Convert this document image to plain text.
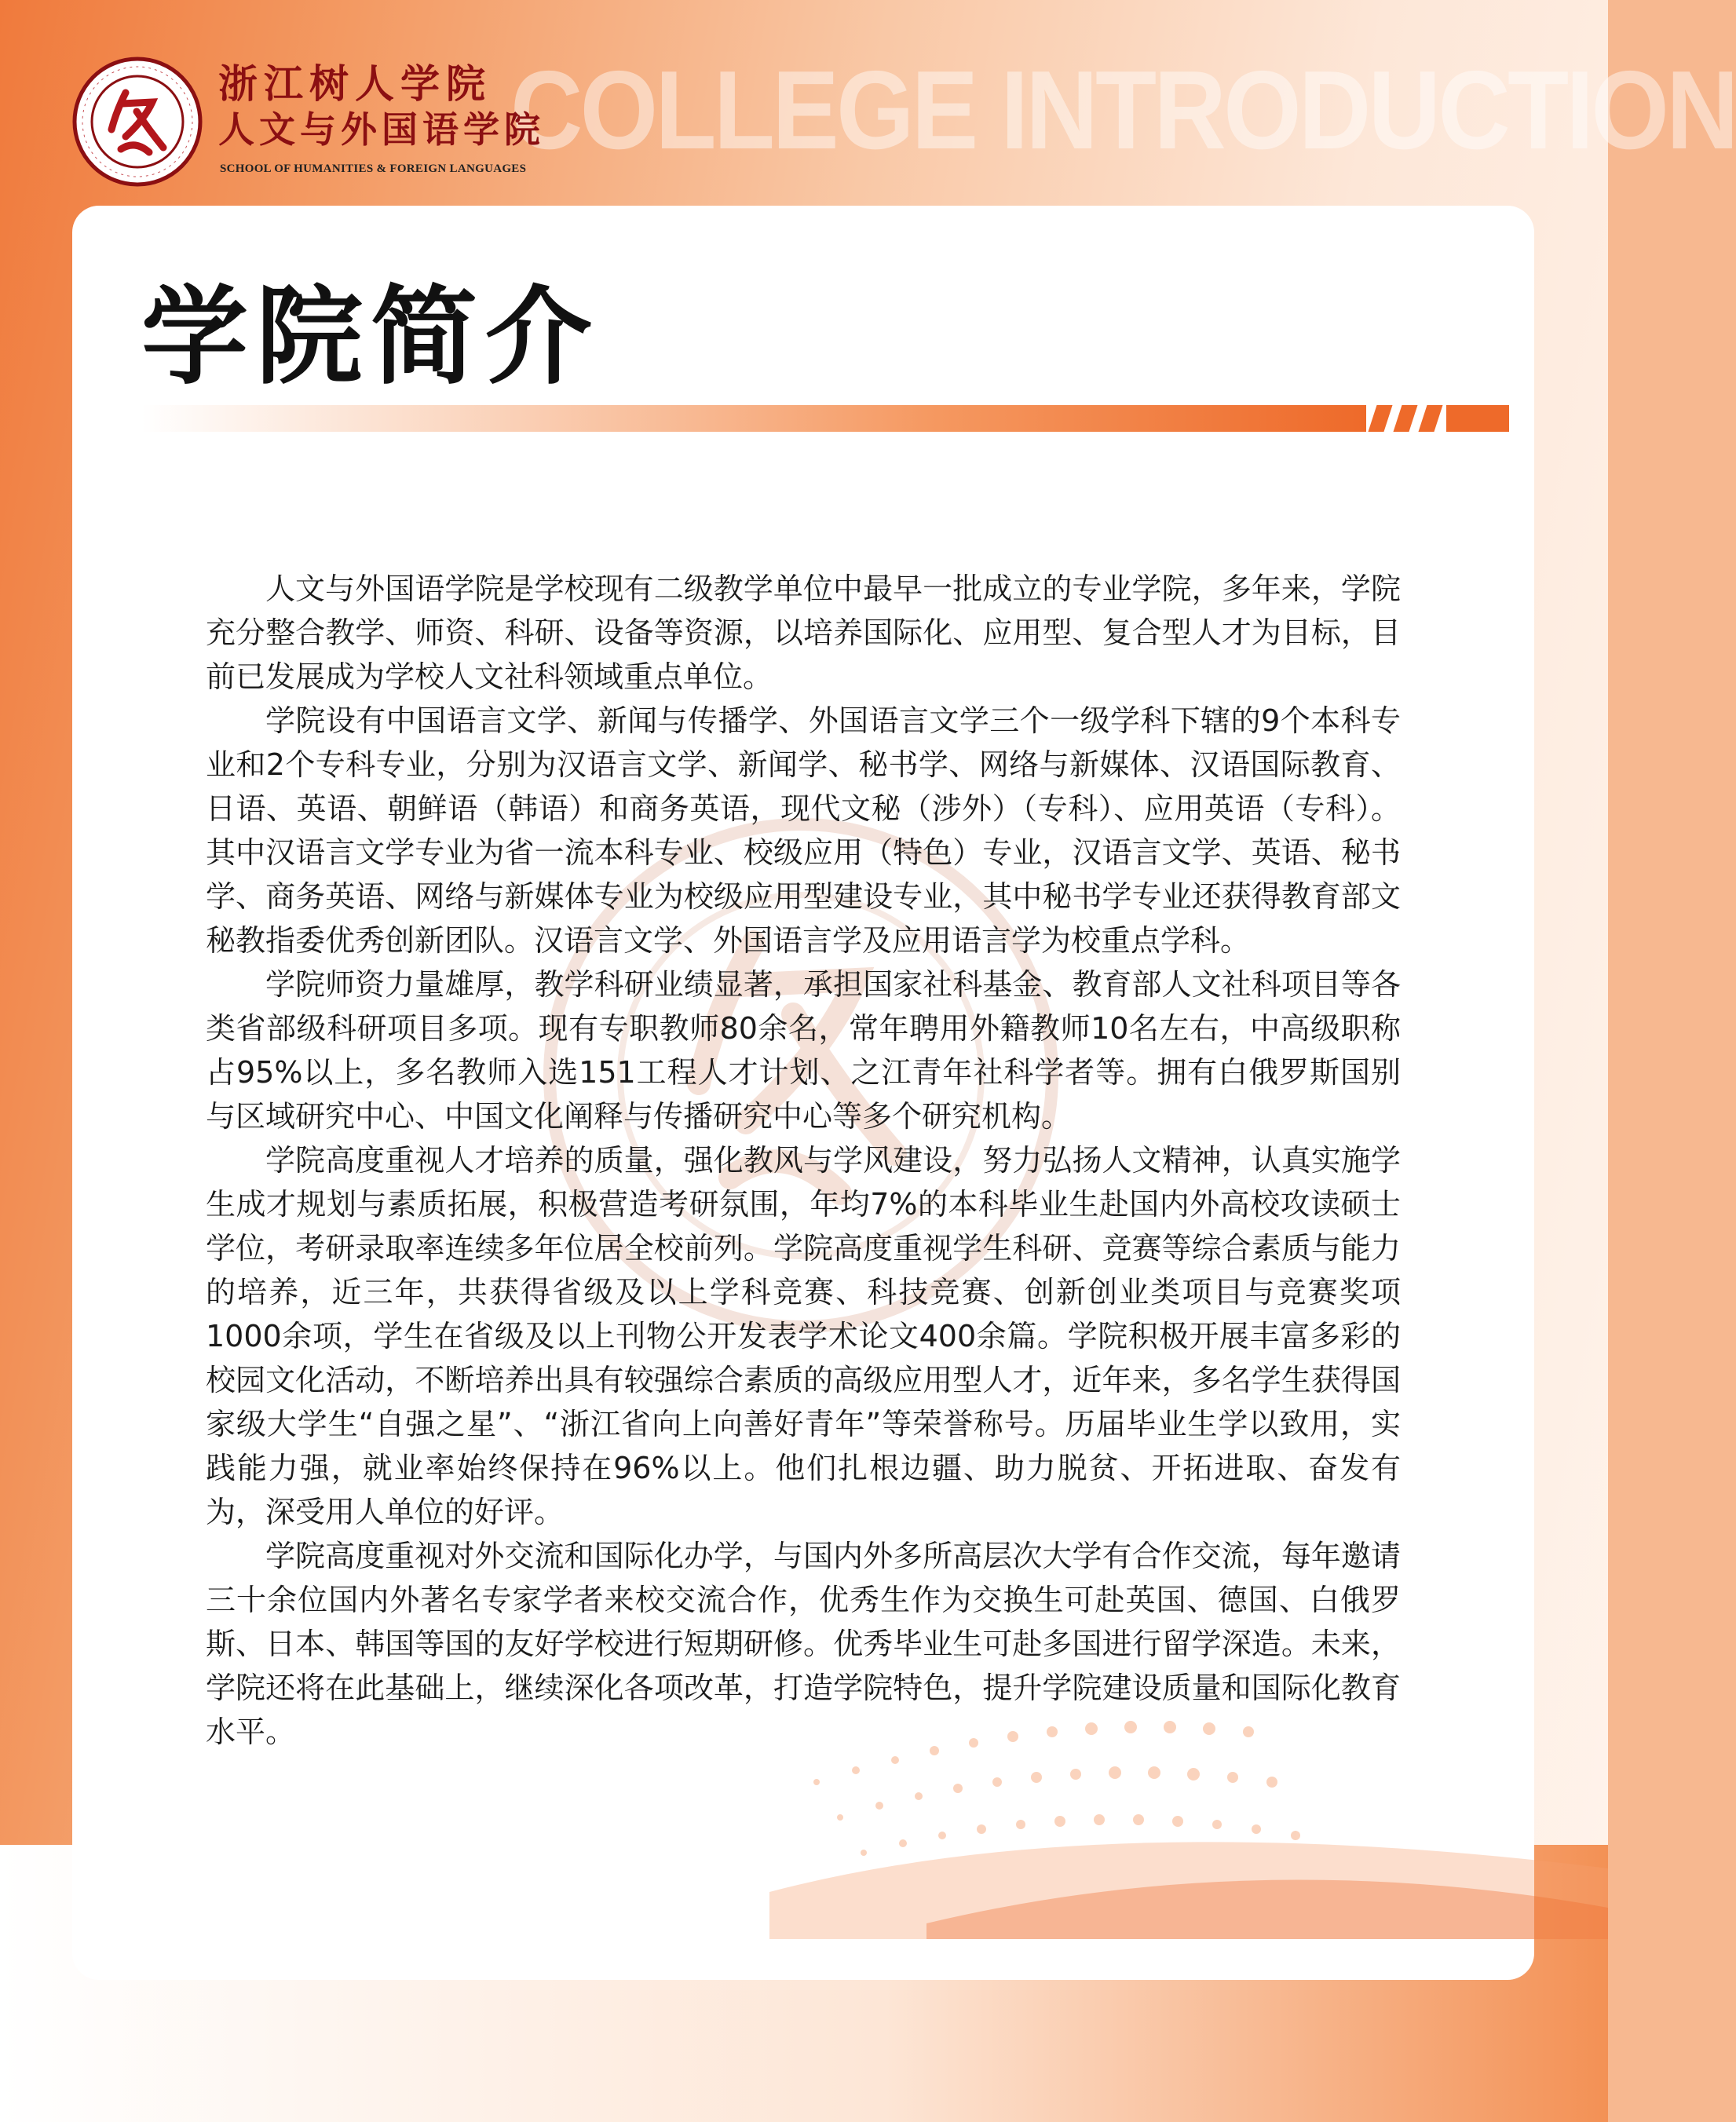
COLLEGE INTRODUCTION
浙江树人学院
人文与外国语学院
SCHOOL OF HUMANITIES & FOREIGN LANGUAGES
学院简介

人文与外国语学院是学校现有二级教学单位中最早一批成立的专业学院，多年来，学院充分整合教学、师资、科研、设备等资源，以培养国际化、应用型、复合型人才为目标，目前已发展成为学校人文社科领域重点单位。

学院设有中国语言文学、新闻与传播学、外国语言文学三个一级学科下辖的9个本科专业和2个专科专业，分别为汉语言文学、新闻学、秘书学、网络与新媒体、汉语国际教育、日语、英语、朝鲜语（韩语）和商务英语，现代文秘（涉外）（专科）、应用英语（专科）。其中汉语言文学专业为省一流本科专业、校级应用（特色）专业，汉语言文学、英语、秘书学、商务英语、网络与新媒体专业为校级应用型建设专业，其中秘书学专业还获得教育部文秘教指委优秀创新团队。汉语言文学、外国语言学及应用语言学为校重点学科。

学院师资力量雄厚，教学科研业绩显著，承担国家社科基金、教育部人文社科项目等各类省部级科研项目多项。现有专职教师80余名，常年聘用外籍教师10名左右，中高级职称占95%以上，多名教师入选151工程人才计划、之江青年社科学者等。拥有白俄罗斯国别与区域研究中心、中国文化阐释与传播研究中心等多个研究机构。

学院高度重视人才培养的质量，强化教风与学风建设，努力弘扬人文精神，认真实施学生成才规划与素质拓展，积极营造考研氛围，年均7%的本科毕业生赴国内外高校攻读硕士学位，考研录取率连续多年位居全校前列。学院高度重视学生科研、竞赛等综合素质与能力的培养，近三年，共获得省级及以上学科竞赛、科技竞赛、创新创业类项目与竞赛奖项1000余项，学生在省级及以上刊物公开发表学术论文400余篇。学院积极开展丰富多彩的校园文化活动，不断培养出具有较强综合素质的高级应用型人才，近年来，多名学生获得国家级大学生“自强之星”、“浙江省向上向善好青年”等荣誉称号。历届毕业生学以致用，实践能力强，就业率始终保持在96%以上。他们扎根边疆、助力脱贫、开拓进取、奋发有为，深受用人单位的好评。

学院高度重视对外交流和国际化办学，与国内外多所高层次大学有合作交流，每年邀请三十余位国内外著名专家学者来校交流合作，优秀生作为交换生可赴英国、德国、白俄罗斯、日本、韩国等国的友好学校进行短期研修。优秀毕业生可赴多国进行留学深造。未来，学院还将在此基础上，继续深化各项改革，打造学院特色，提升学院建设质量和国际化教育水平。
